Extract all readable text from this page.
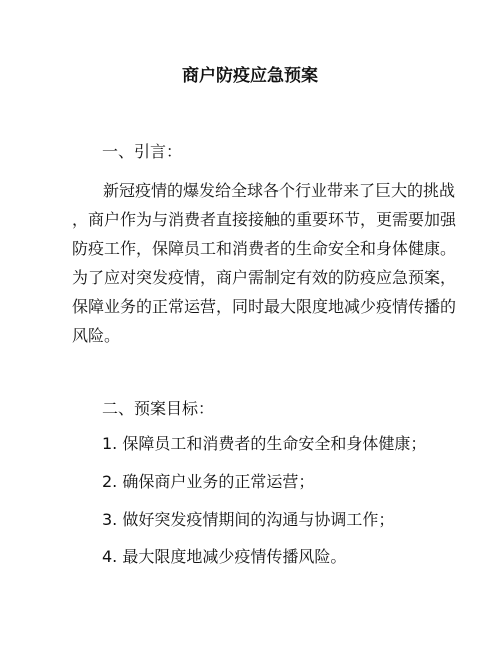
商户防疫应急预案
一、引言：

新冠疫情的爆发给全球各个行业带来了巨大的挑战
，商户作为与消费者直接接触的重要环节，更需要加强
防疫工作，保障员工和消费者的生命安全和身体健康。
为了应对突发疫情，商户需制定有效的防疫应急预案，
保障业务的正常运营，同时最大限度地减少疫情传播的
风险。

二、预案目标：
1. 保障员工和消费者的生命安全和身体健康；
2. 确保商户业务的正常运营；
3. 做好突发疫情期间的沟通与协调工作；
4. 最大限度地减少疫情传播风险。
